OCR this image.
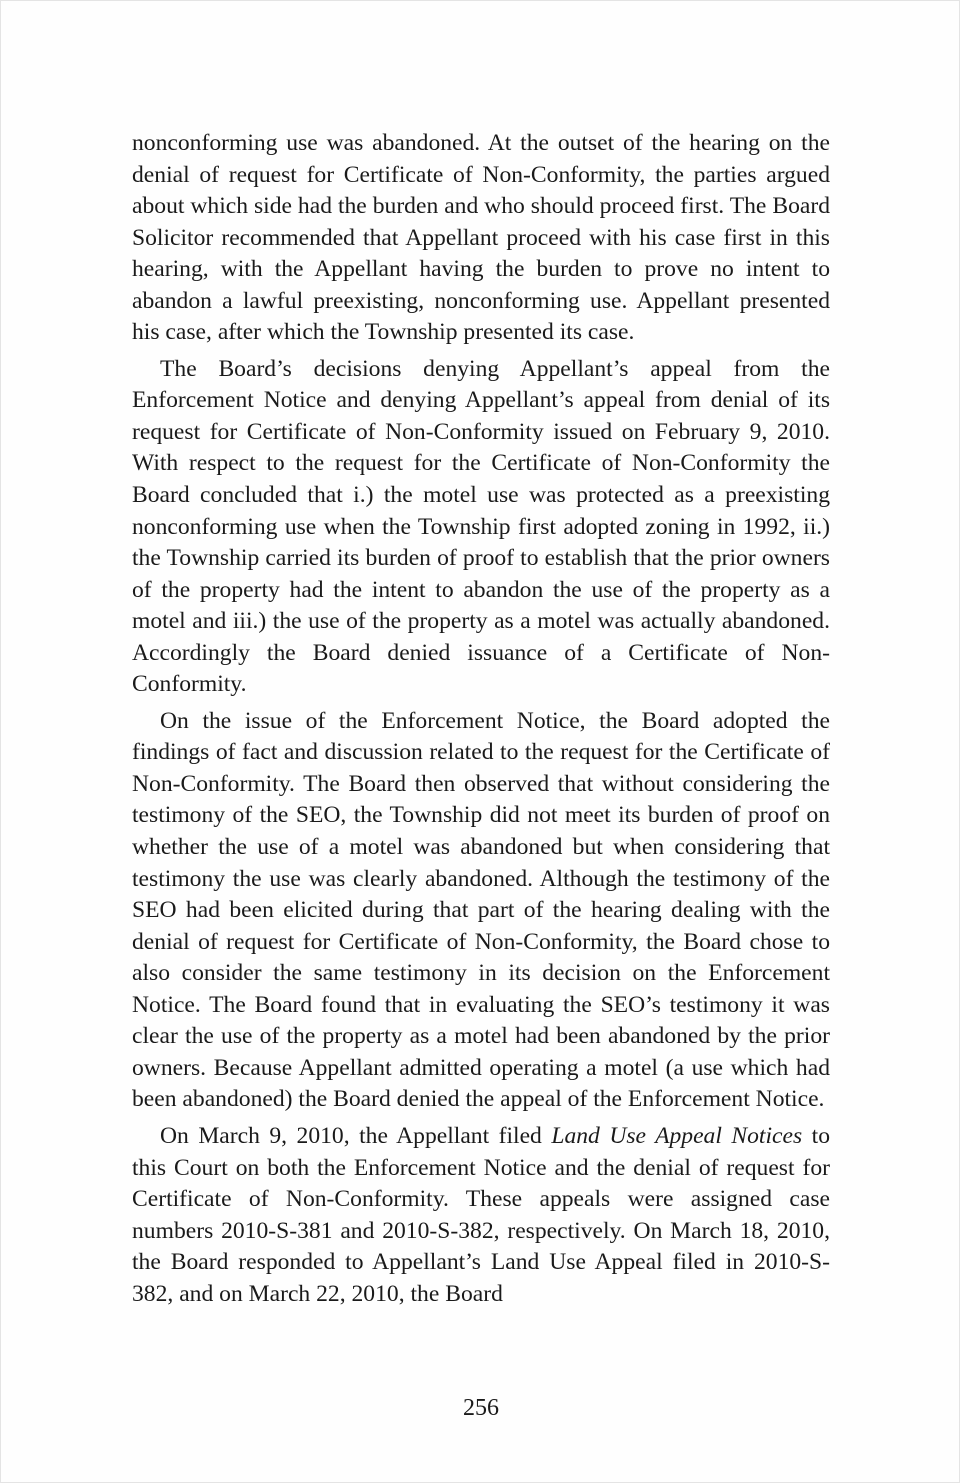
nonconforming use was abandoned. At the outset of the hearing on the denial of request for Certificate of Non-Conformity, the parties argued about which side had the burden and who should proceed first. The Board Solicitor recommended that Appellant proceed with his case first in this hearing, with the Appellant having the burden to prove no intent to abandon a lawful preexisting, nonconforming use. Appellant presented his case, after which the Township presented its case.

The Board’s decisions denying Appellant’s appeal from the Enforcement Notice and denying Appellant’s appeal from denial of its request for Certificate of Non-Conformity issued on February 9, 2010. With respect to the request for the Certificate of Non-Conformity the Board concluded that i.) the motel use was protected as a preexisting nonconforming use when the Township first adopted zoning in 1992, ii.) the Township carried its burden of proof to establish that the prior owners of the property had the intent to abandon the use of the property as a motel and iii.) the use of the property as a motel was actually abandoned. Accordingly the Board denied issuance of a Certificate of Non-Conformity.

On the issue of the Enforcement Notice, the Board adopted the findings of fact and discussion related to the request for the Certificate of Non-Conformity. The Board then observed that without considering the testimony of the SEO, the Township did not meet its burden of proof on whether the use of a motel was abandoned but when considering that testimony the use was clearly abandoned. Although the testimony of the SEO had been elicited during that part of the hearing dealing with the denial of request for Certificate of Non-Conformity, the Board chose to also consider the same testimony in its decision on the Enforcement Notice. The Board found that in evaluating the SEO’s testimony it was clear the use of the property as a motel had been abandoned by the prior owners. Because Appellant admitted operating a motel (a use which had been abandoned) the Board denied the appeal of the Enforcement Notice.

On March 9, 2010, the Appellant filed Land Use Appeal Notices to this Court on both the Enforcement Notice and the denial of request for Certificate of Non-Conformity. These appeals were assigned case numbers 2010-S-381 and 2010-S-382, respectively. On March 18, 2010, the Board responded to Appellant’s Land Use Appeal filed in 2010-S-382, and on March 22, 2010, the Board

256
